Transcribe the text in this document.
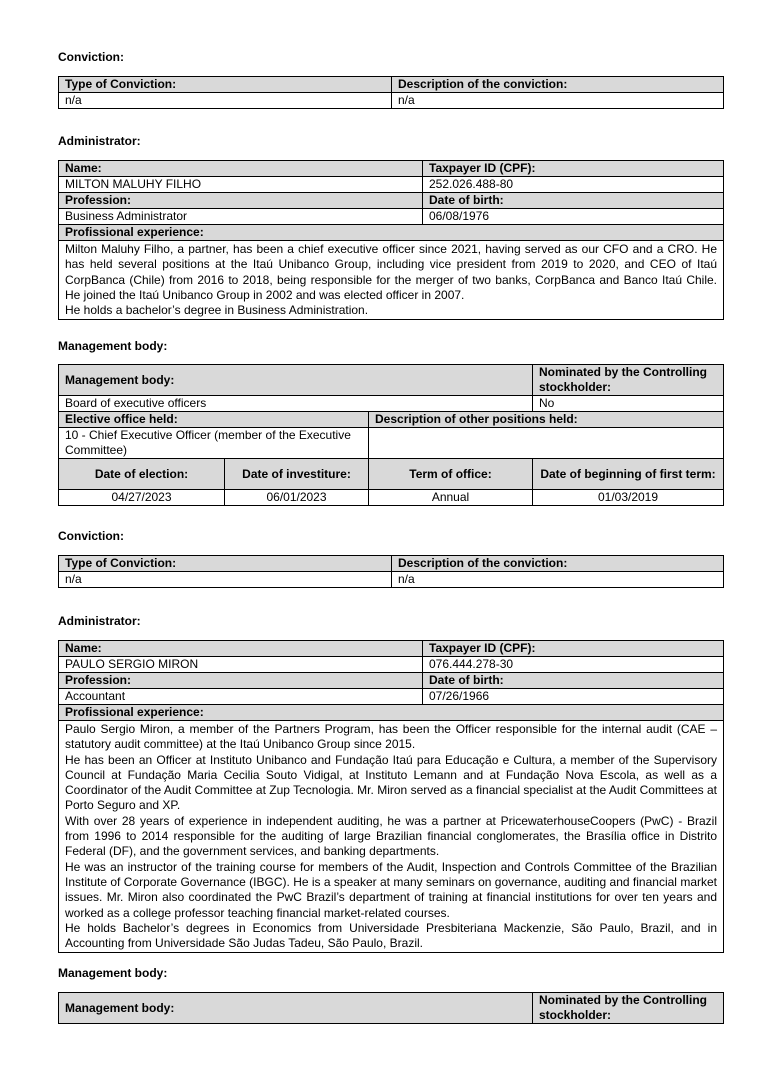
Conviction:
Type of Conviction:	Description of the conviction:
n/a	n/a
Administrator:
Name:	Taxpayer ID (CPF):
MILTON MALUHY FILHO	252.026.488-80
Profession:	Date of birth:
Business Administrator	06/08/1976
Profissional experience:	

Milton Maluhy Filho, a partner, has been a chief executive officer since 2021, having served as our CFO and a CRO. He has held several positions at the Itaú Unibanco Group, including vice president from 2019 to 2020, and CEO of Itaú CorpBanca (Chile) from 2016 to 2018, being responsible for the merger of two banks, CorpBanca and Banco Itaú Chile. He joined the Itaú Unibanco Group in 2002 and was elected officer in 2007.

He holds a bachelor’s degree in Business Administration.	

Management body:
Management body:			Nominated by the Controlling stockholder:
Board of executive officers			No
Elective office held:		Description of other positions held:	
10 - Chief Executive Officer (member of the Executive Committee)			
Date of election:	Date of investiture:	Term of office:	Date of beginning of first term:
04/27/2023	06/01/2023	Annual	01/03/2019
Conviction:
Type of Conviction:	Description of the conviction:
n/a	n/a
Administrator:
Name:	Taxpayer ID (CPF):
PAULO SERGIO MIRON	076.444.278-30
Profession:	Date of birth:
Accountant	07/26/1966
Profissional experience:	

Paulo Sergio Miron, a member of the Partners Program, has been the Officer responsible for the internal audit (CAE – statutory audit committee) at the Itaú Unibanco Group since 2015.

He has been an Officer at Instituto Unibanco and Fundação Itaú para Educação e Cultura, a member of the Supervisory Council at Fundação Maria Cecilia Souto Vidigal, at Instituto Lemann and at Fundação Nova Escola, as well as a Coordinator of the Audit Committee at Zup Tecnologia. Mr. Miron served as a financial specialist at the Audit Committees at Porto Seguro and XP.

With over 28 years of experience in independent auditing, he was a partner at PricewaterhouseCoopers (PwC) - Brazil from 1996 to 2014 responsible for the auditing of large Brazilian financial conglomerates, the Brasília office in Distrito Federal (DF), and the government services, and banking departments.

He was an instructor of the training course for members of the Audit, Inspection and Controls Committee of the Brazilian Institute of Corporate Governance (IBGC). He is a speaker at many seminars on governance, auditing and financial market issues. Mr. Miron also coordinated the PwC Brazil’s department of training at financial institutions for over ten years and worked as a college professor teaching financial market-related courses.

He holds Bachelor’s degrees in Economics from Universidade Presbiteriana Mackenzie, São Paulo, Brazil, and in Accounting from Universidade São Judas Tadeu, São Paulo, Brazil.	

Management body:
Management body:	Nominated by the Controlling stockholder:
